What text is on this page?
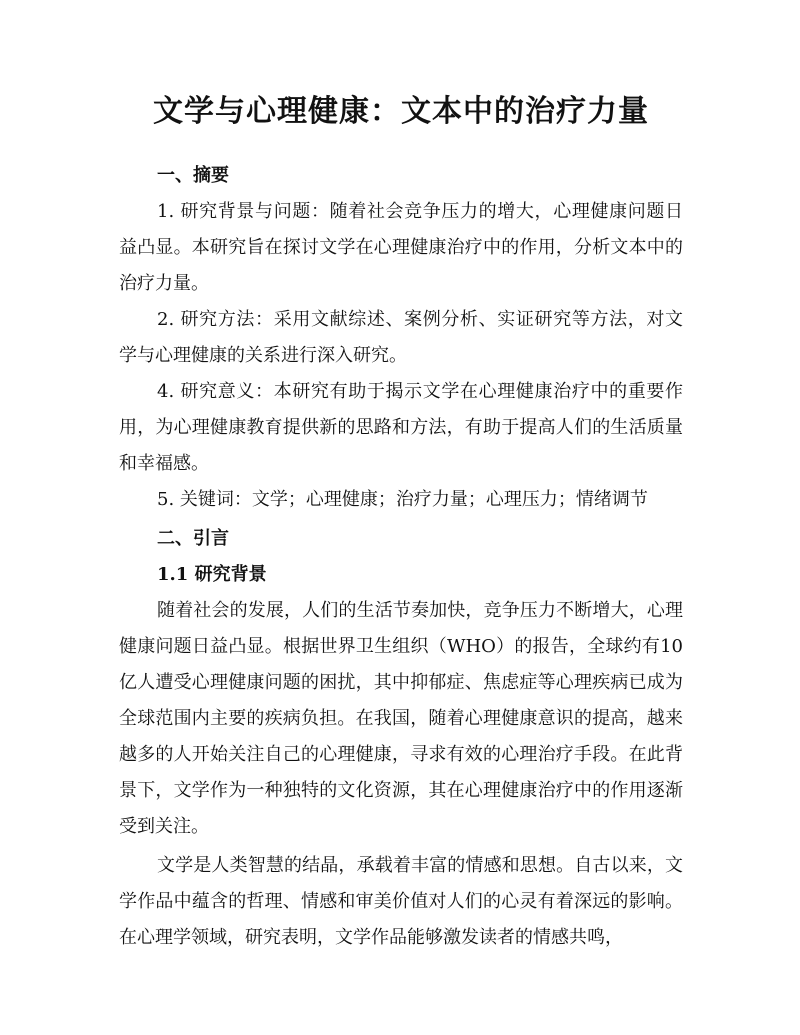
文学与心理健康：文本中的治疗力量
一、摘要

1. 研究背景与问题：随着社会竞争压力的增大，心理健康问题日益凸显。本研究旨在探讨文学在心理健康治疗中的作用，分析文本中的治疗力量。

2. 研究方法：采用文献综述、案例分析、实证研究等方法，对文学与心理健康的关系进行深入研究。

4. 研究意义：本研究有助于揭示文学在心理健康治疗中的重要作用，为心理健康教育提供新的思路和方法，有助于提高人们的生活质量和幸福感。

5. 关键词：文学；心理健康；治疗力量；心理压力；情绪调节

二、引言
1.1 研究背景

随着社会的发展，人们的生活节奏加快，竞争压力不断增大，心理健康问题日益凸显。根据世界卫生组织（WHO）的报告，全球约有10亿人遭受心理健康问题的困扰，其中抑郁症、焦虑症等心理疾病已成为全球范围内主要的疾病负担。在我国，随着心理健康意识的提高，越来越多的人开始关注自己的心理健康，寻求有效的心理治疗手段。在此背景下，文学作为一种独特的文化资源，其在心理健康治疗中的作用逐渐受到关注。

文学是人类智慧的结晶，承载着丰富的情感和思想。自古以来，文学作品中蕴含的哲理、情感和审美价值对人们的心灵有着深远的影响。在心理学领域，研究表明，文学作品能够激发读者的情感共鸣，
